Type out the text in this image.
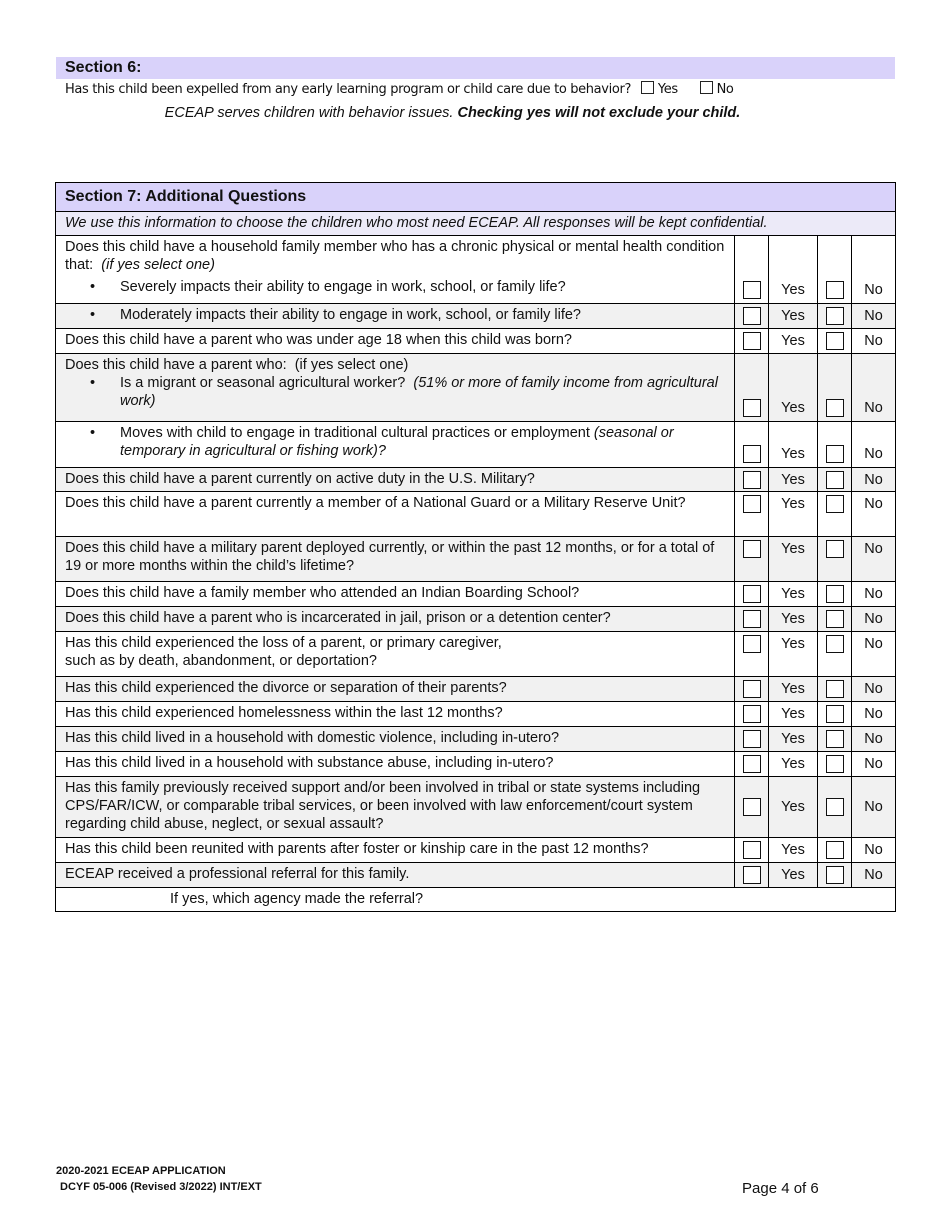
Section 6:
Has this child been expelled from any early learning program or child care due to behavior? Yes	No
ECEAP serves children with behavior issues. Checking yes will not exclude your child.
Section 7: Additional Questions				
We use this information to choose the children who most need ECEAP. All responses will be kept confidential.				

Does this child have a household family member who has a chronic physical or mental health condition that: (if yes select one)
• Severely impacts their ability to engage in work, school, or family life?		Yes		No

• Moderately impacts their ability to engage in work, school, or family life?		Yes		No
Does this child have a parent who was under age 18 when this child was born?		Yes		No

Does this child have a parent who: (if yes select one)
• Is a migrant or seasonal agricultural worker? (51% or more of family income from agricultural work)		Yes		No

• Moves with child to engage in traditional cultural practices or employment (seasonal or temporary in agricultural or fishing work)?		Yes		No
Does this child have a parent currently on active duty in the U.S. Military?		Yes		No
Does this child have a parent currently a member of a National Guard or a Military Reserve Unit?		Yes		No
Does this child have a military parent deployed currently, or within the past 12 months, or for a total of 19 or more months within the child’s lifetime?		Yes		No
Does this child have a family member who attended an Indian Boarding School?		Yes		No
Does this child have a parent who is incarcerated in jail, prison or a detention center?		Yes		No

Has this child experienced the loss of a parent, or primary caregiver,
such as by death, abandonment, or deportation?		Yes		No
Has this child experienced the divorce or separation of their parents?		Yes		No
Has this child experienced homelessness within the last 12 months?		Yes		No
Has this child lived in a household with domestic violence, including in-utero?		Yes		No
Has this child lived in a household with substance abuse, including in-utero?		Yes		No
Has this family previously received support and/or been involved in tribal or state systems including CPS/FAR/ICW, or comparable tribal services, or been involved with law enforcement/court system regarding child abuse, neglect, or sexual assault?		Yes		No
Has this child been reunited with parents after foster or kinship care in the past 12 months?		Yes		No
ECEAP received a professional referral for this family.		Yes		No
If yes, which agency made the referral?				
2020-2021 ECEAP APPLICATION
DCYF 05-006 (Revised 3/2022) INT/EXT	Page 4 of 6
